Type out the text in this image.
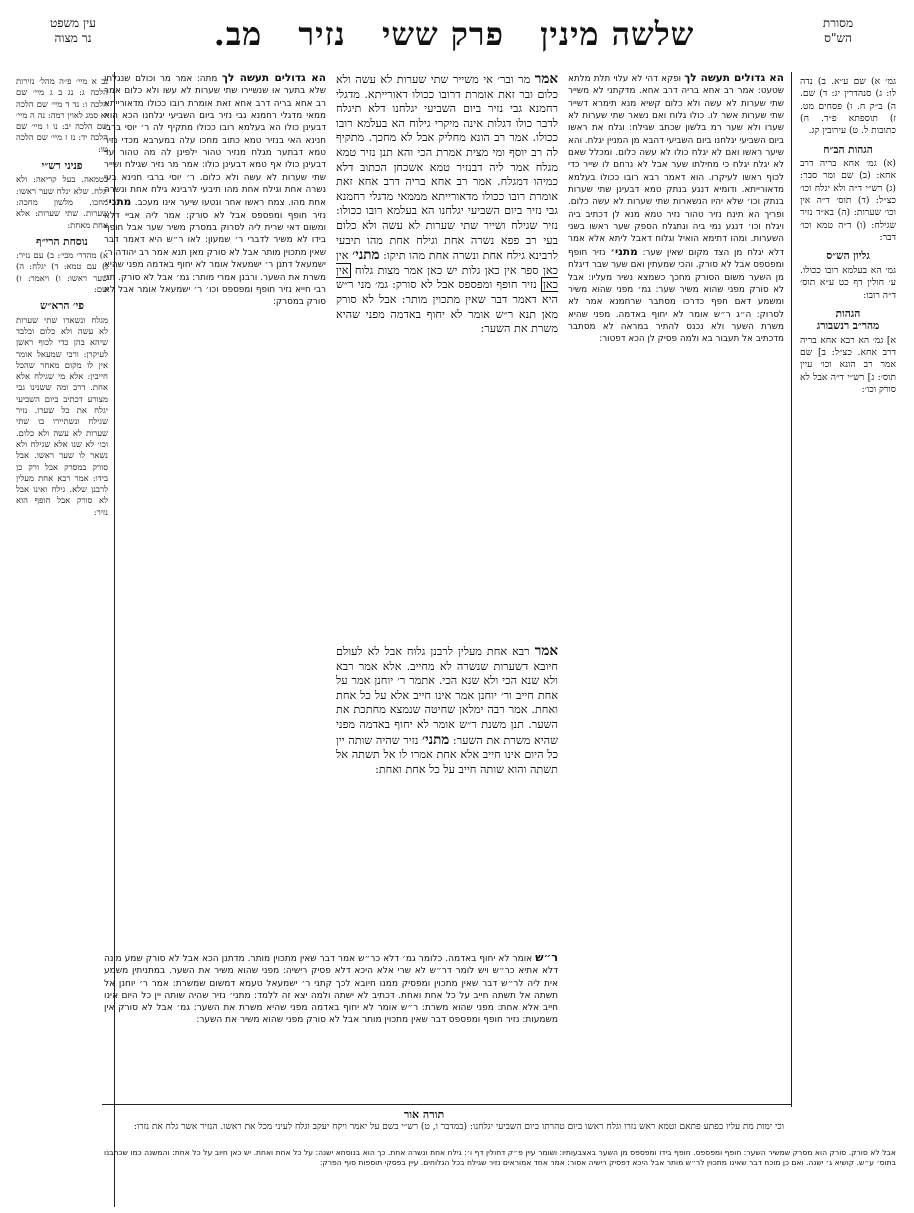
מסורת
הש"ס
שלשה מינין פרק ששי נזיר מב.
עין משפט
נר מצוה
גמ׳ א) שם ע״א. ב) נדה לו: ג) סנהדרין יג: ד) שם. ה) ב״ק ח. ו) פסחים מט. ז) תוספתא פ״ד. ח) כתובות ל. ט) עירובין קג.
הגהות הב״ח
(א) גמ׳ אחא בריה דרב אחא: (ב) שם ומר סבר: (ג) רש״י ד״ה ולא יגלח וכו׳ כצ״ל: (ד) תוס׳ ד״ה אין וכו׳ שערות: (ה) בא״ד נזיר שגילח: (ו) ד״ה טמא וכו׳ דבר:
גליון הש״ס
גמ׳ הא בעלמא רובו ככולו. ע׳ חולין דף כט ע״א תוס׳ ד״ה רובו:
הגהות
מהר״ב רנשבורג
א] גמ׳ הא רבא אחא בריה דרב אחא. כצ״ל: ב] שם אמר רב הונא וכו׳ עיין תוס׳: ג] רש״י ד״ה אבל לא סורק וכו׳:
הא גדולים תעשה לך ופקא דהי לא עלוי תלת מלתא שטעט: אמר רב אחא בריה דרב אחא. מדקתני לא משייר שתי שערות לא עשה ולא כלום קשיא מנא תימרא דשייר שתי שערות אשר לו. כולו גלוח ואם נשאר שתי שערות לא שערו ולא שער רמ בלשון שכתב שגילח: וגלח את ראשו ביום השביעי יגלחנו ביום השביעי דהבא מן המניין יגלח. והא שיער ראשו ואם לא יגלח כולו לא עשה כלום. ומכלל שאם לא יגלח יגלח כי מחילתו שער אבל לא נרחם לו שייר כדי לכוף ראשו לעיקרו. הוא דאמר רבא רובו ככולו בעלמא מדאורייתא. ודומיא דנגע בנתק טמא דבעינן שתי שערות בנתק וכו׳ שלא יהיו הנשארות שתי שערות לא עשה כלום. ופריך הא תינח נזיר טהור נזיר טמא מנא לן דכתיב ביה ויגלח וכו׳ דנגע נמי ביה ונתגלח הספק שער ראשו בשני השערות. ומהו דתימא הואיל וגלוח דאבל ליתא אלא אמר דלא יגלח מן הצד מקום שאין שער: מתני׳ נזיר חופף ומפספס אבל לא סורק. והכי שמעתין ואם שער שבר דיגלח מן השער משום הסורק מחכך כשמצא נשיר מעליו: אבל לא סורק מפני שהוא משיר שער: גמ׳ מפני שהוא משיר ומשמע דאם חפף כדרכו מסתבר שרחמנא אמר לא לסרוק: ה״ג ר״ש אומר לא יחוף באדמה. מפני שהיא משרת השער ולא נכנס להתיר במראה לא מסתבר מדכתיב אל תעבור בא ולמה פסיק לן הכא דפטור:
אמר מר ובר׳ אי משייר שתי שערות לא עשה ולא כלום ובר זאת אומרת דרובו ככולו דאורייתא. מדגלי רחמנא גבי נזיר ביום השביעי יגלחנו דלא תיגלח לדבר כולו דגלות אינה מיקרי גילוח הא בעלמא רובו ככולו. אמר רב הונא מחליק אבל לא מחכך. מתקיף לה רב יוסף ומי מצית אמרת הכי והא תנן נזיר טמא מגלח אמר ליה דבנזיר טמא אשכחן הכתוב דלא כמיהו דמגלח. אמר רב אחא בריה דרב אחא זאת אומרת רובו ככולו מדאורייתא מממאי מדגלי רחמנא גבי נזיר ביום השביעי יגלחנו הא בעלמא רובו ככולו: נזיר שגילח ושייר שתי שערות לא עשה ולא כלום בעי רב פפא נשרה אחת וגילח אחת מהו תיבעי לרבינא גילח אחת ונשרה אחת מהו תיקו: מתני׳ אין כאן ספר אין כאן גלות יש כאן אמר מצות גלוח אין כאן נזיר חופף ומפספס אבל לא סורק: גמ׳ מני ר״ש היא דאמר דבר שאין מתכוין מותר: אבל לא סורק מאן תנא ר״ש אומר לא יחוף באדמה מפני שהיא משרת את השער:
אמר רבא אחת מעלין לרבנן גלוח אבל לא לעולם חיובא דשערות שנשרה לא מחייב. אלא אמר רבא ולא שנא הכי ולא שנא הכי. אתמר ר׳ יוחנן אמר על אחת חייב ור׳ יוחנן אמר אינו חייב אלא על כל אחת ואחת. אמר רבה ימלאן שחיטה שנמצא מחתכת את השער. תנן משנת ר״ש אומר לא יחוף באדמה מפני שהיא משרת את השער: מתני׳ נזיר שהיה שותה יין כל היום אינו חייב אלא אחת אמרו לו אל תשתה אל תשתה והוא שותה חייב על כל אחת ואחת:
הא גדולים תעשה לך מתה: אמר מר וכולם שנגלחו שלא בתער או שנשיירו שתי שערות לא עשו ולא כלום אמר רב אחא בריה דרב אחא זאת אומרת רובו ככולו מדאורייתא ממאי מדגלי רחמנא גבי נזיר ביום השביעי יגלחנו הכא הוא דבעינן כולו הא בעלמא רובו ככולו מתקיף לה ר׳ יוסי ברבי חנינא האי בנזיר טמא כתוב מחכו עלה במערבא מכדי נזיר טמא דבתער מגלח מנזיר טהור ילפינן לה מה טהור עד דבעינן כולו אף טמא דבעינן כולו: אמר מר נזיר שגילח ושייר שתי שערות לא עשה ולא כלום. ר׳ יוסי ברבי חנינא בעי נשרה אחת וגילח אחת מהו תיבעי לרבינא גילח אחת ונשרה אחת מהו. צמח ראשו אחר ונטעו שיער אינו מעכב. מתני׳ נזיר חופף ומפספס אבל לא סורק: אמר ליה אביי דלא ומשום דאי שרית ליה לסרוק במסרק משיר שער אבל חופף בידו לא משיר לדברי ר׳ שמעון: לאו ר״ש היא דאמר דבר שאין מתכוין מותר אבל לא סורק מאן תנא אמר רב יהודה ר׳ ישמעאל דתנן ר׳ ישמעאל אומר לא יחוף באדמה מפני שהיא משרת את השער. ורבנן אמרי מותר: גמ׳ אבל לא סורק. תני רבי חייא נזיר חופף ומפספס וכו׳ ר׳ ישמעאל אומר אבל לא סורק במסרק:
ר״ש אומר לא יחוף באדמה. כלומר גמ׳ דלא כר״ש אמר דבר שאין מתכוין מותר. מדתנן הכא אבל לא סורק שמע מינה דלא אתיא כר״ש ויש לומר דר״ש לא שרי אלא היכא דלא פסיק רישיה: מפני שהוא משיר את השער. במתניתין משמע אית ליה לר״ש דבר שאין מתכוין ומפסיק ממנו חיובא לכך קתני ר׳ ישמעאל טעמא דמשום שמשרת: אמר ר׳ יוחנן אל תשתה אל תשתה חייב על כל אחת ואחת. דכתיב לא ישתה ולמה יצא זה ללמד: מתני׳ נזיר שהיה שותה יין כל היום אינו חייב אלא אחת: מפני שהוא משרת: ר״ש אומר לא יחוף באדמה מפני שהיא משרת את השער: גמ׳ אבל לא סורק אין משמעות: נזיר חופף ומפספס דבר שאין מתכוין מותר אבל לא סורק מפני שהוא משיר את השער:
נב א מיי׳ פ״ה מהל׳ נזירות הלכה ג: נג ב ג מיי׳ שם הלכה ו: נד ד מיי׳ שם הלכה יא סמג לאוין רמה: נה ה מיי׳ שם הלכה יב: נו ו מיי׳ שם הלכה יד: נז ז מיי׳ שם הלכה טו:
פניני רש״י
בטמאה. בעל קריאה: ולא יגלח. שלא יגלח שער ראשו: מחכו. מלשון מחכה: שערות. שתי שערות: אלא אחת מאחת:
נוסחת הרי״ף
א) מהדר׳ מבי׳: ב) עם נזיר: ג) עם טמא: ד) יגלח: ה) שער ראשו: ו) ויאמר: ז) שם:
פי׳ הרא״ש
מגלח ונשארו שתי שערות לא עשה ולא כלום ובלבד שיהא בהן כדי לכוף ראשן לעיקרן: ורבי שמעאל אומר אין לו מקום מאחר שהכל חייבין: אלא מי שגילח אלא אחת. דרב ומה ששנינו גבי מצורע דכתיב ביום השביעי יגלח את כל שערו. נזיר שגילח ונשתיירו בו שתי שערות לא עשה ולא כלום. וכו׳ לא שנו אלא שגילח ולא נשאר לו שער ראשו. אבל סורק במסרק אבל ורק כן בידו: אמר רבא אחת מעלין לרבנן שלא. גילח ואינו אבל לא סורק אבל חופף הוא נזיר:
תורה אור
וכי ימות מת עליו בפתע פתאם וטמא ראש נזרו וגלח ראשו ביום טהרתו ביום השביעי יגלחנו: (במדבר ו, ט) רש״י בשם על יאמר ויקח יעקב וגלח לעיני מכל את ראשו. הנזיר אשר גלח את נזרו:
אבל לא סורק. סורק הוא מסרק שמשיר השער: חופף ומפספס. חופף בידו ומפספס מן השער באצבעותיו: ושומר עיין פ״ק דחולין דף ו׳: גילח אחת ונשרה אחת. כך הוא בנוסחא ישנה: על כל אחת ואחת. יש כאן חיוב על כל אחת: והמשנה כמו שכתבנו בתוס׳ ע״ש. קושיא ג׳ ישנה. ואם כן מוכח דבר שאינו מתכוין לר״ש מותר אבל היכא דפסיק רישיה אסור: אמר אחד אמוראים נזיר שגילח בכל הגלוחים. עיין בפסקי תוספות סוף הפרק:
